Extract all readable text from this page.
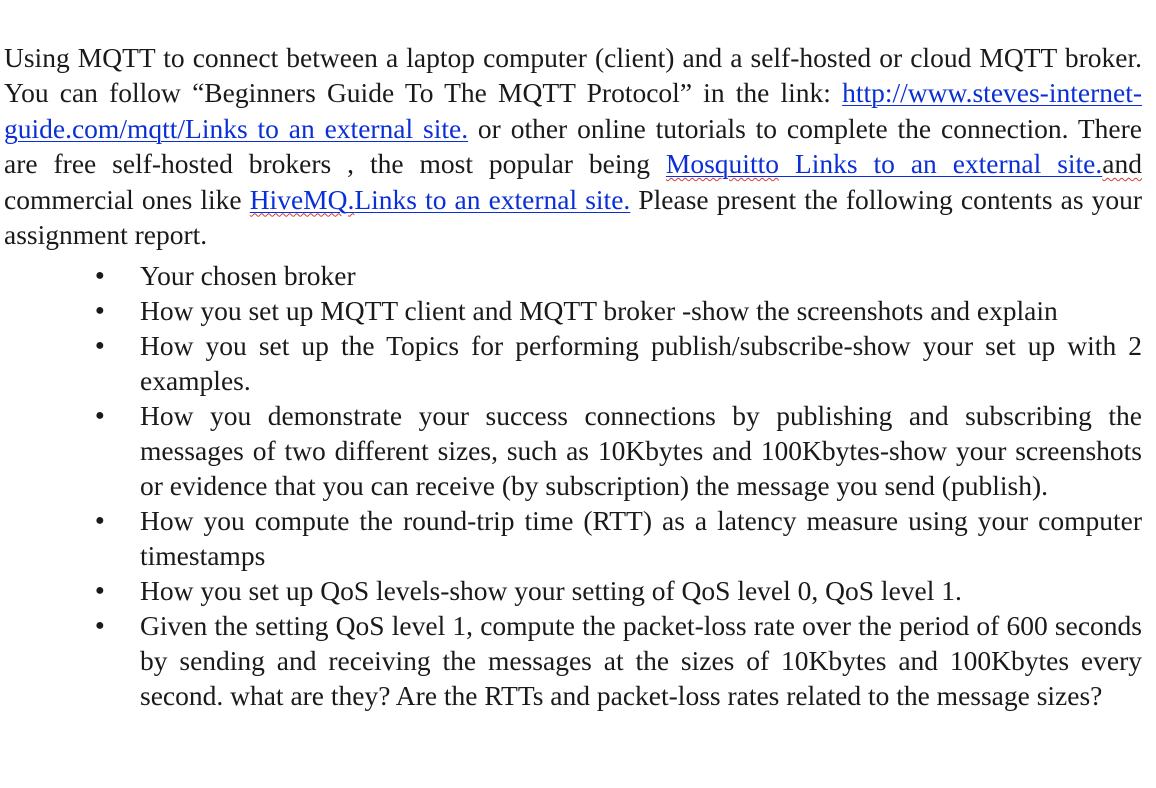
Using MQTT to connect between a laptop computer (client) and a self-hosted or cloud MQTT broker. You can follow “Beginners Guide To The MQTT Protocol” in the link: http://www.steves-internet-guide.com/mqtt/Links to an external site. or other online tutorials to complete the connection. There are free self-hosted brokers , the most popular being Mosquitto Links to an external site.and commercial ones like HiveMQ.Links to an external site. Please present the following contents as your assignment report.

● Your chosen broker
● How you set up MQTT client and MQTT broker -show the screenshots and explain
● How you set up the Topics for performing publish/subscribe-show your set up with 2 examples.
● How you demonstrate your success connections by publishing and subscribing the messages of two different sizes, such as 10Kbytes and 100Kbytes-show your screenshots or evidence that you can receive (by subscription) the message you send (publish).
● How you compute the round-trip time (RTT) as a latency measure using your computer timestamps
● How you set up QoS levels-show your setting of QoS level 0, QoS level 1.
● Given the setting QoS level 1, compute the packet-loss rate over the period of 600 seconds by sending and receiving the messages at the sizes of 10Kbytes and 100Kbytes every second. what are they? Are the RTTs and packet-loss rates related to the message sizes?
